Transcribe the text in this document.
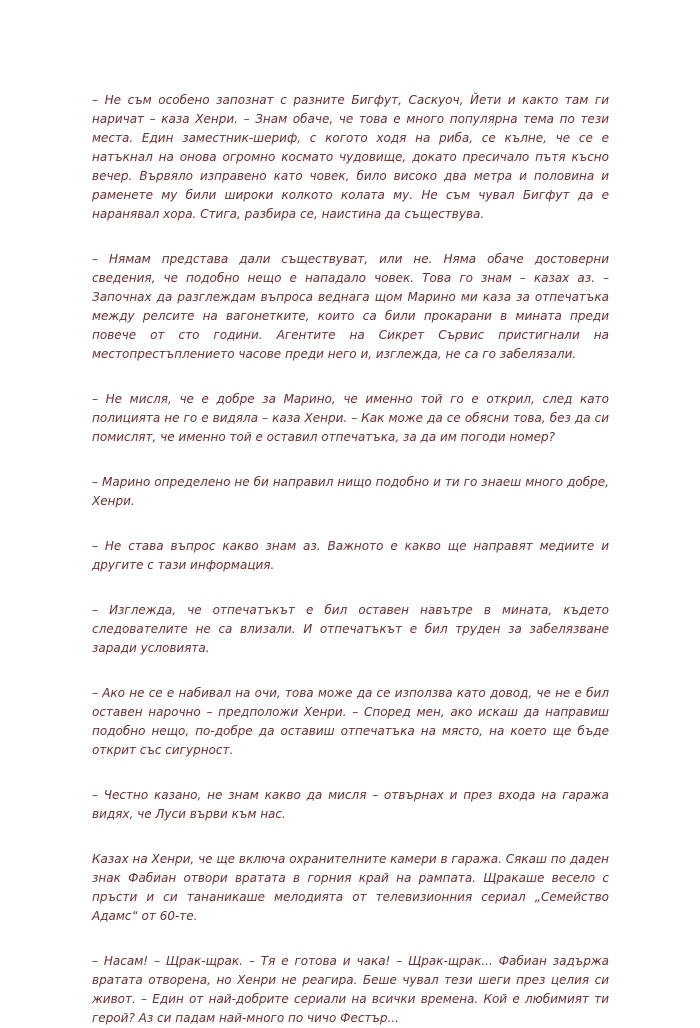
– Не съм особено запознат с разните Бигфут, Саскуоч, Йети и както там ги наричат – каза Хенри. – Знам обаче, че това е много популярна тема по тези места. Един заместник-шериф, с когото ходя на риба, се кълне, че се е натъкнал на онова огромно космато чудовище, докато пресичало пътя късно вечер. Вървяло изправено като човек, било високо два метра и половина и раменете му били широки колкото колата му. Не съм чувал Бигфут да е наранявал хора. Стига, разбира се, наистина да съществува.

– Нямам представа дали съществуват, или не. Няма обаче достоверни сведения, че подобно нещо е нападало човек. Това го знам – казах аз. – Започнах да разглеждам въпроса веднага щом Марино ми каза за отпечатъка между релсите на вагонетките, които са били прокарани в мината преди повече от сто години. Агентите на Сикрет Сървис пристигнали на местопрестъплението часове преди него и, изглежда, не са го забелязали.

– Не мисля, че е добре за Марино, че именно той го е открил, след като полицията не го е видяла – каза Хенри. – Как може да се обясни това, без да си помислят, че именно той е оставил отпечатъка, за да им погоди номер?

– Марино определено не би направил нищо подобно и ти го знаеш много добре, Хенри.

– Не става въпрос какво знам аз. Важното е какво ще направят медиите и другите с тази информация.

– Изглежда, че отпечатъкът е бил оставен навътре в мината, където следователите не са влизали. И отпечатъкът е бил труден за забелязване заради условията.

– Ако не се е набивал на очи, това може да се използва като довод, че не е бил оставен нарочно – предположи Хенри. – Според мен, ако искаш да направиш подобно нещо, по-добре да оставиш отпечатъка на място, на което ще бъде открит със сигурност.

– Честно казано, не знам какво да мисля – отвърнах и през входа на гаража видях, че Луси върви към нас.

Казах на Хенри, че ще включа охранителните камери в гаража. Сякаш по даден знак Фабиан отвори вратата в горния край на рампата. Щракаше весело с пръсти и си тананикаше мелодията от телевизионния сериал „Семейство Адамс“ от 60-те.

– Насам! – Щрак-щрак. – Тя е готова и чака! – Щрак-щрак... Фабиан задържа вратата отворена, но Хенри не реагира. Беше чувал тези шеги през целия си живот. – Един от най-добрите сериали на всички времена. Кой е любимият ти герой? Аз си падам най-много по чичо Фестър...
